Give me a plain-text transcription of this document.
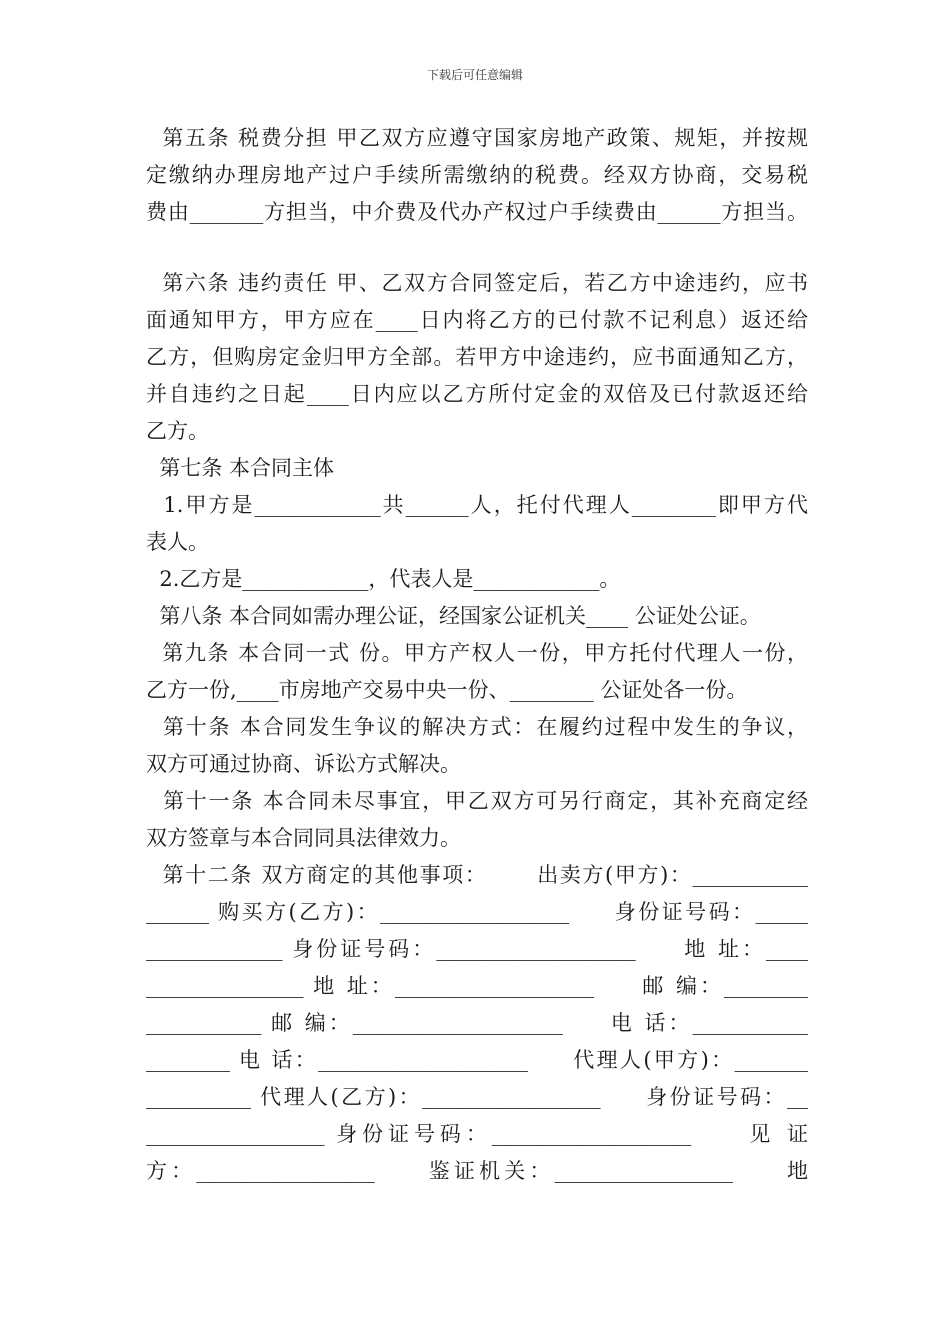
下载后可任意编辑
第五条 税费分担 甲乙双方应遵守国家房地产政策、规矩，并按规
定缴纳办理房地产过户手续所需缴纳的税费。经双方协商，交易税
费由_______方担当，中介费及代办产权过户手续费由______方担当。
第六条 违约责任 甲、乙双方合同签定后，若乙方中途违约，应书
面通知甲方，甲方应在____日内将乙方的已付款不记利息）返还给
乙方，但购房定金归甲方全部。若甲方中途违约，应书面通知乙方，
并自违约之日起____日内应以乙方所付定金的双倍及已付款返还给
乙方。
第七条 本合同主体
1.甲方是____________共______人，托付代理人________即甲方代
表人。
2.乙方是____________，代表人是____________。
第八条 本合同如需办理公证，经国家公证机关____ 公证处公证。
第九条 本合同一式 份。甲方产权人一份，甲方托付代理人一份，
乙方一份,____市房地产交易中央一份、________ 公证处各一份。
第十条 本合同发生争议的解决方式：在履约过程中发生的争议，
双方可通过协商、诉讼方式解决。
第十一条 本合同未尽事宜，甲乙双方可另行商定，其补充商定经
双方签章与本合同同具法律效力。
第十二条 双方商定的其他事项：      出卖方(甲方)：___________
______ 购买方(乙方)：__________________     身份证号码：_____
_____________ 身份证号码：___________________     地 址：____
_______________ 地 址：___________________     邮 编：________
___________ 邮 编：____________________     电 话：___________
________ 电 话：____________________     代理人(甲方)：_______
__________ 代理人(乙方)：_________________     身份证号码：__
_________________ 身份证号码：___________________     见 证
方：_________________     鉴证机关：_________________     地
